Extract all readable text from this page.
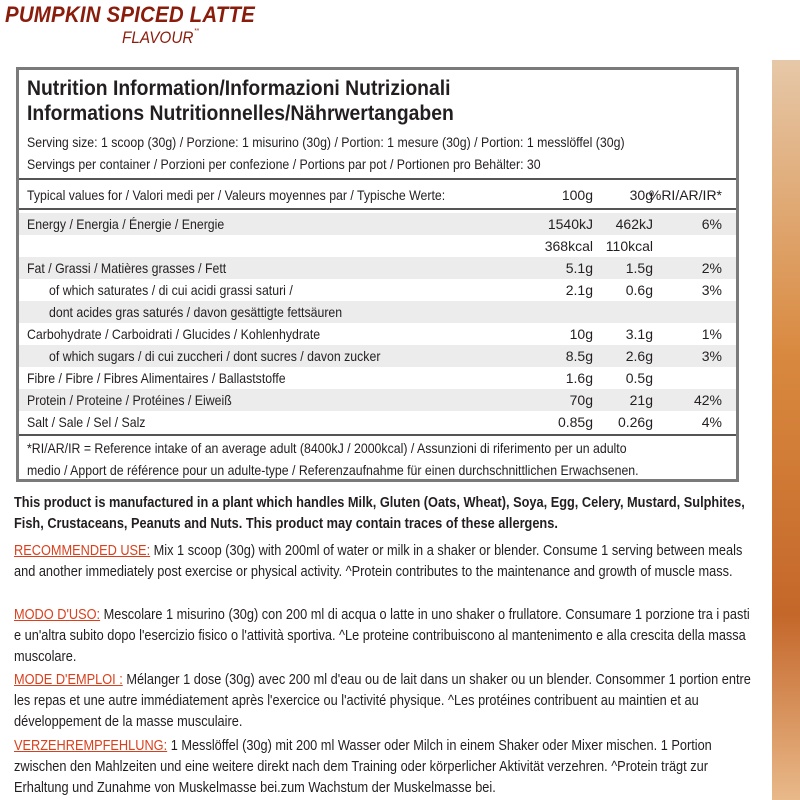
PUMPKIN SPICED LATTE
FLAVOUR**
Nutrition Information/Informazioni Nutrizionali
Informations Nutritionnelles/Nährwertangaben
Serving size: 1 scoop (30g) / Porzione: 1 misurino (30g) / Portion: 1 mesure (30g) / Portion: 1 messlöffel (30g)
Servings per container / Porzioni per confezione / Portions par pot / Portionen pro Behälter: 30
Typical values for / Valori medi per / Valeurs moyennes par / Typische Werte:	100g	30g
%RI/AR/IR*
Energy / Energia / Énergie / Energie	1540kJ 462kJ	6%
368kcal 110kcal
Fat / Grassi / Matières grasses / Fett	5.1g 1.5g	2%
of which saturates / di cui acidi grassi saturi /	2.1g 0.6g	3%
dont acides gras saturés / davon gesättigte fettsäuren
Carbohydrate / Carboidrati / Glucides / Kohlenhydrate	10g 3.1g	1%
of which sugars / di cui zuccheri / dont sucres / davon zucker	8.5g 2.6g	3%
Fibre / Fibre / Fibres Alimentaires / Ballaststoffe	1.6g 0.5g
Protein / Proteine / Protéines / Eiweiß	70g	21g	42%
Salt / Sale / Sel / Salz	0.85g 0.26g	4%
*RI/AR/IR = Reference intake of an average adult (8400kJ / 2000kcal) / Assunzioni di riferimento per un adulto medio / Apport de référence pour un adulte-type / Referenzaufnahme für einen durchschnittlichen Erwachsenen.
This product is manufactured in a plant which handles Milk, Gluten (Oats, Wheat), Soya, Egg, Celery, Mustard, Sulphites, Fish, Crustaceans, Peanuts and Nuts. This product may contain traces of these allergens.
RECOMMENDED USE: Mix 1 scoop (30g) with 200ml of water or milk in a shaker or blender. Consume 1 serving between meals and another immediately post exercise or physical activity. ^Protein contributes to the maintenance and growth of muscle mass.
MODO D'USO: Mescolare 1 misurino (30g) con 200 ml di acqua o latte in uno shaker o frullatore. Consumare 1 porzione tra i pasti e un'altra subito dopo l'esercizio fisico o l'attività sportiva. ^Le proteine contribuiscono al mantenimento e alla crescita della massa muscolare.
MODE D'EMPLOI : Mélanger 1 dose (30g) avec 200 ml d'eau ou de lait dans un shaker ou un blender. Consommer 1 portion entre les repas et une autre immédiatement après l'exercice ou l'activité physique. ^Les protéines contribuent au maintien et au développement de la masse musculaire.
VERZEHREMPFEHLUNG: 1 Messlöffel (30g) mit 200 ml Wasser oder Milch in einem Shaker oder Mixer mischen. 1 Portion zwischen den Mahlzeiten und eine weitere direkt nach dem Training oder körperlicher Aktivität verzehren. ^Protein trägt zur Erhaltung und Zunahme von Muskelmasse bei.zum Wachstum der Muskelmasse bei.
